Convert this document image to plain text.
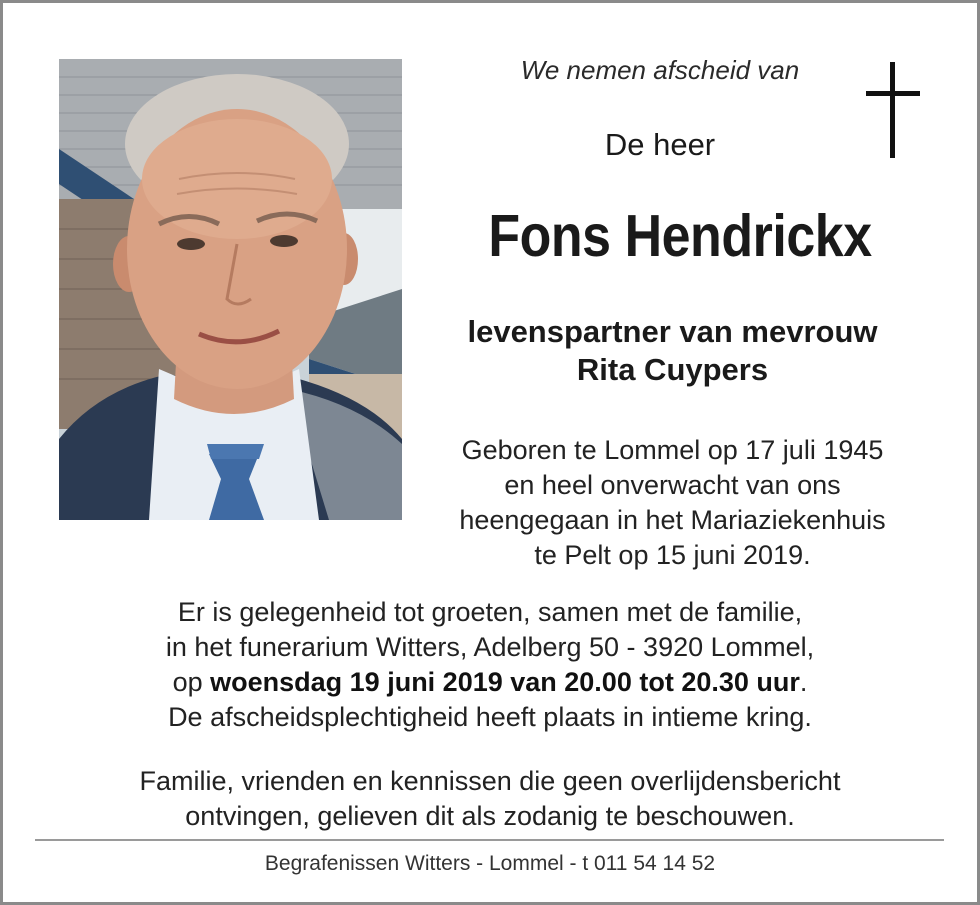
We nemen afscheid van
De heer
Fons Hendrickx
levenspartner van mevrouw
Rita Cuypers
Geboren te Lommel op 17 juli 1945
en heel onverwacht van ons
heengegaan in het Mariaziekenhuis
te Pelt op 15 juni 2019.
Er is gelegenheid tot groeten, samen met de familie,
in het funerarium Witters, Adelberg 50 - 3920 Lommel,
op woensdag 19 juni 2019 van 20.00 tot 20.30 uur.
De afscheidsplechtigheid heeft plaats in intieme kring.
Familie, vrienden en kennissen die geen overlijdensbericht
ontvingen, gelieven dit als zodanig te beschouwen.
Begrafenissen Witters - Lommel - t 011 54 14 52
